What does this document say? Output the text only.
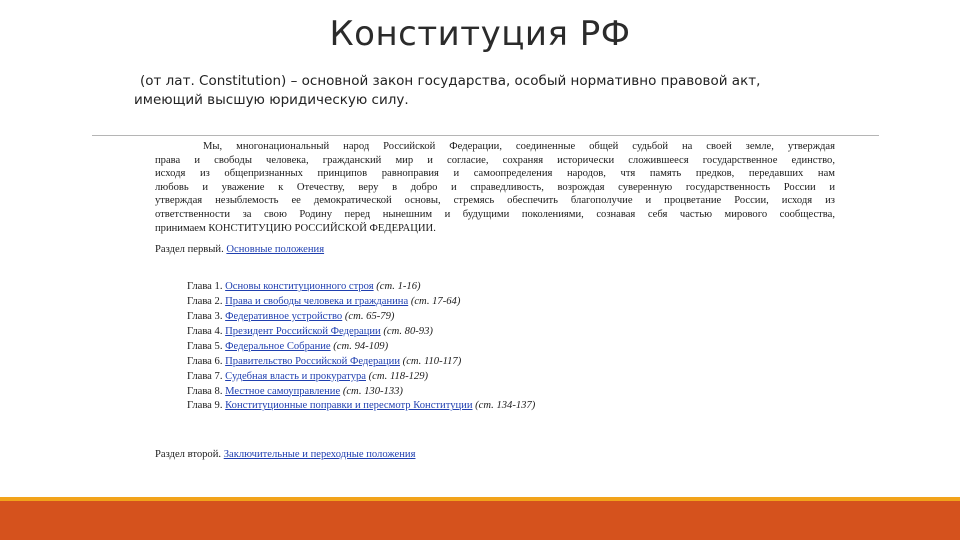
Конституция РФ
(от лат. Constitution) – основной закон государства, особый нормативно правовой акт,
имеющий высшую юридическую силу.
Мы, многонациональный народ Российской Федерации, соединенные общей судьбой на своей земле, утверждая
права и свободы человека, гражданский мир и согласие, сохраняя исторически сложившееся государственное единство,
исходя из общепризнанных принципов равноправия и самоопределения народов, чтя память предков, передавших нам
любовь и уважение к Отечеству, веру в добро и справедливость, возрождая суверенную государственность России и
утверждая незыблемость ее демократической основы, стремясь обеспечить благополучие и процветание России, исходя из
ответственности за свою Родину перед нынешним и будущими поколениями, сознавая себя частью мирового сообщества,
принимаем КОНСТИТУЦИЮ РОССИЙСКОЙ ФЕДЕРАЦИИ.
Раздел первый. Основные положения
Глава 1. Основы конституционного строя (ст. 1-16)
Глава 2. Права и свободы человека и гражданина (ст. 17-64)
Глава 3. Федеративное устройство (ст. 65-79)
Глава 4. Президент Российской Федерации (ст. 80-93)
Глава 5. Федеральное Собрание (ст. 94-109)
Глава 6. Правительство Российской Федерации (ст. 110-117)
Глава 7. Судебная власть и прокуратура (ст. 118-129)
Глава 8. Местное самоуправление (ст. 130-133)
Глава 9. Конституционные поправки и пересмотр Конституции (ст. 134-137)
Раздел второй. Заключительные и переходные положения
